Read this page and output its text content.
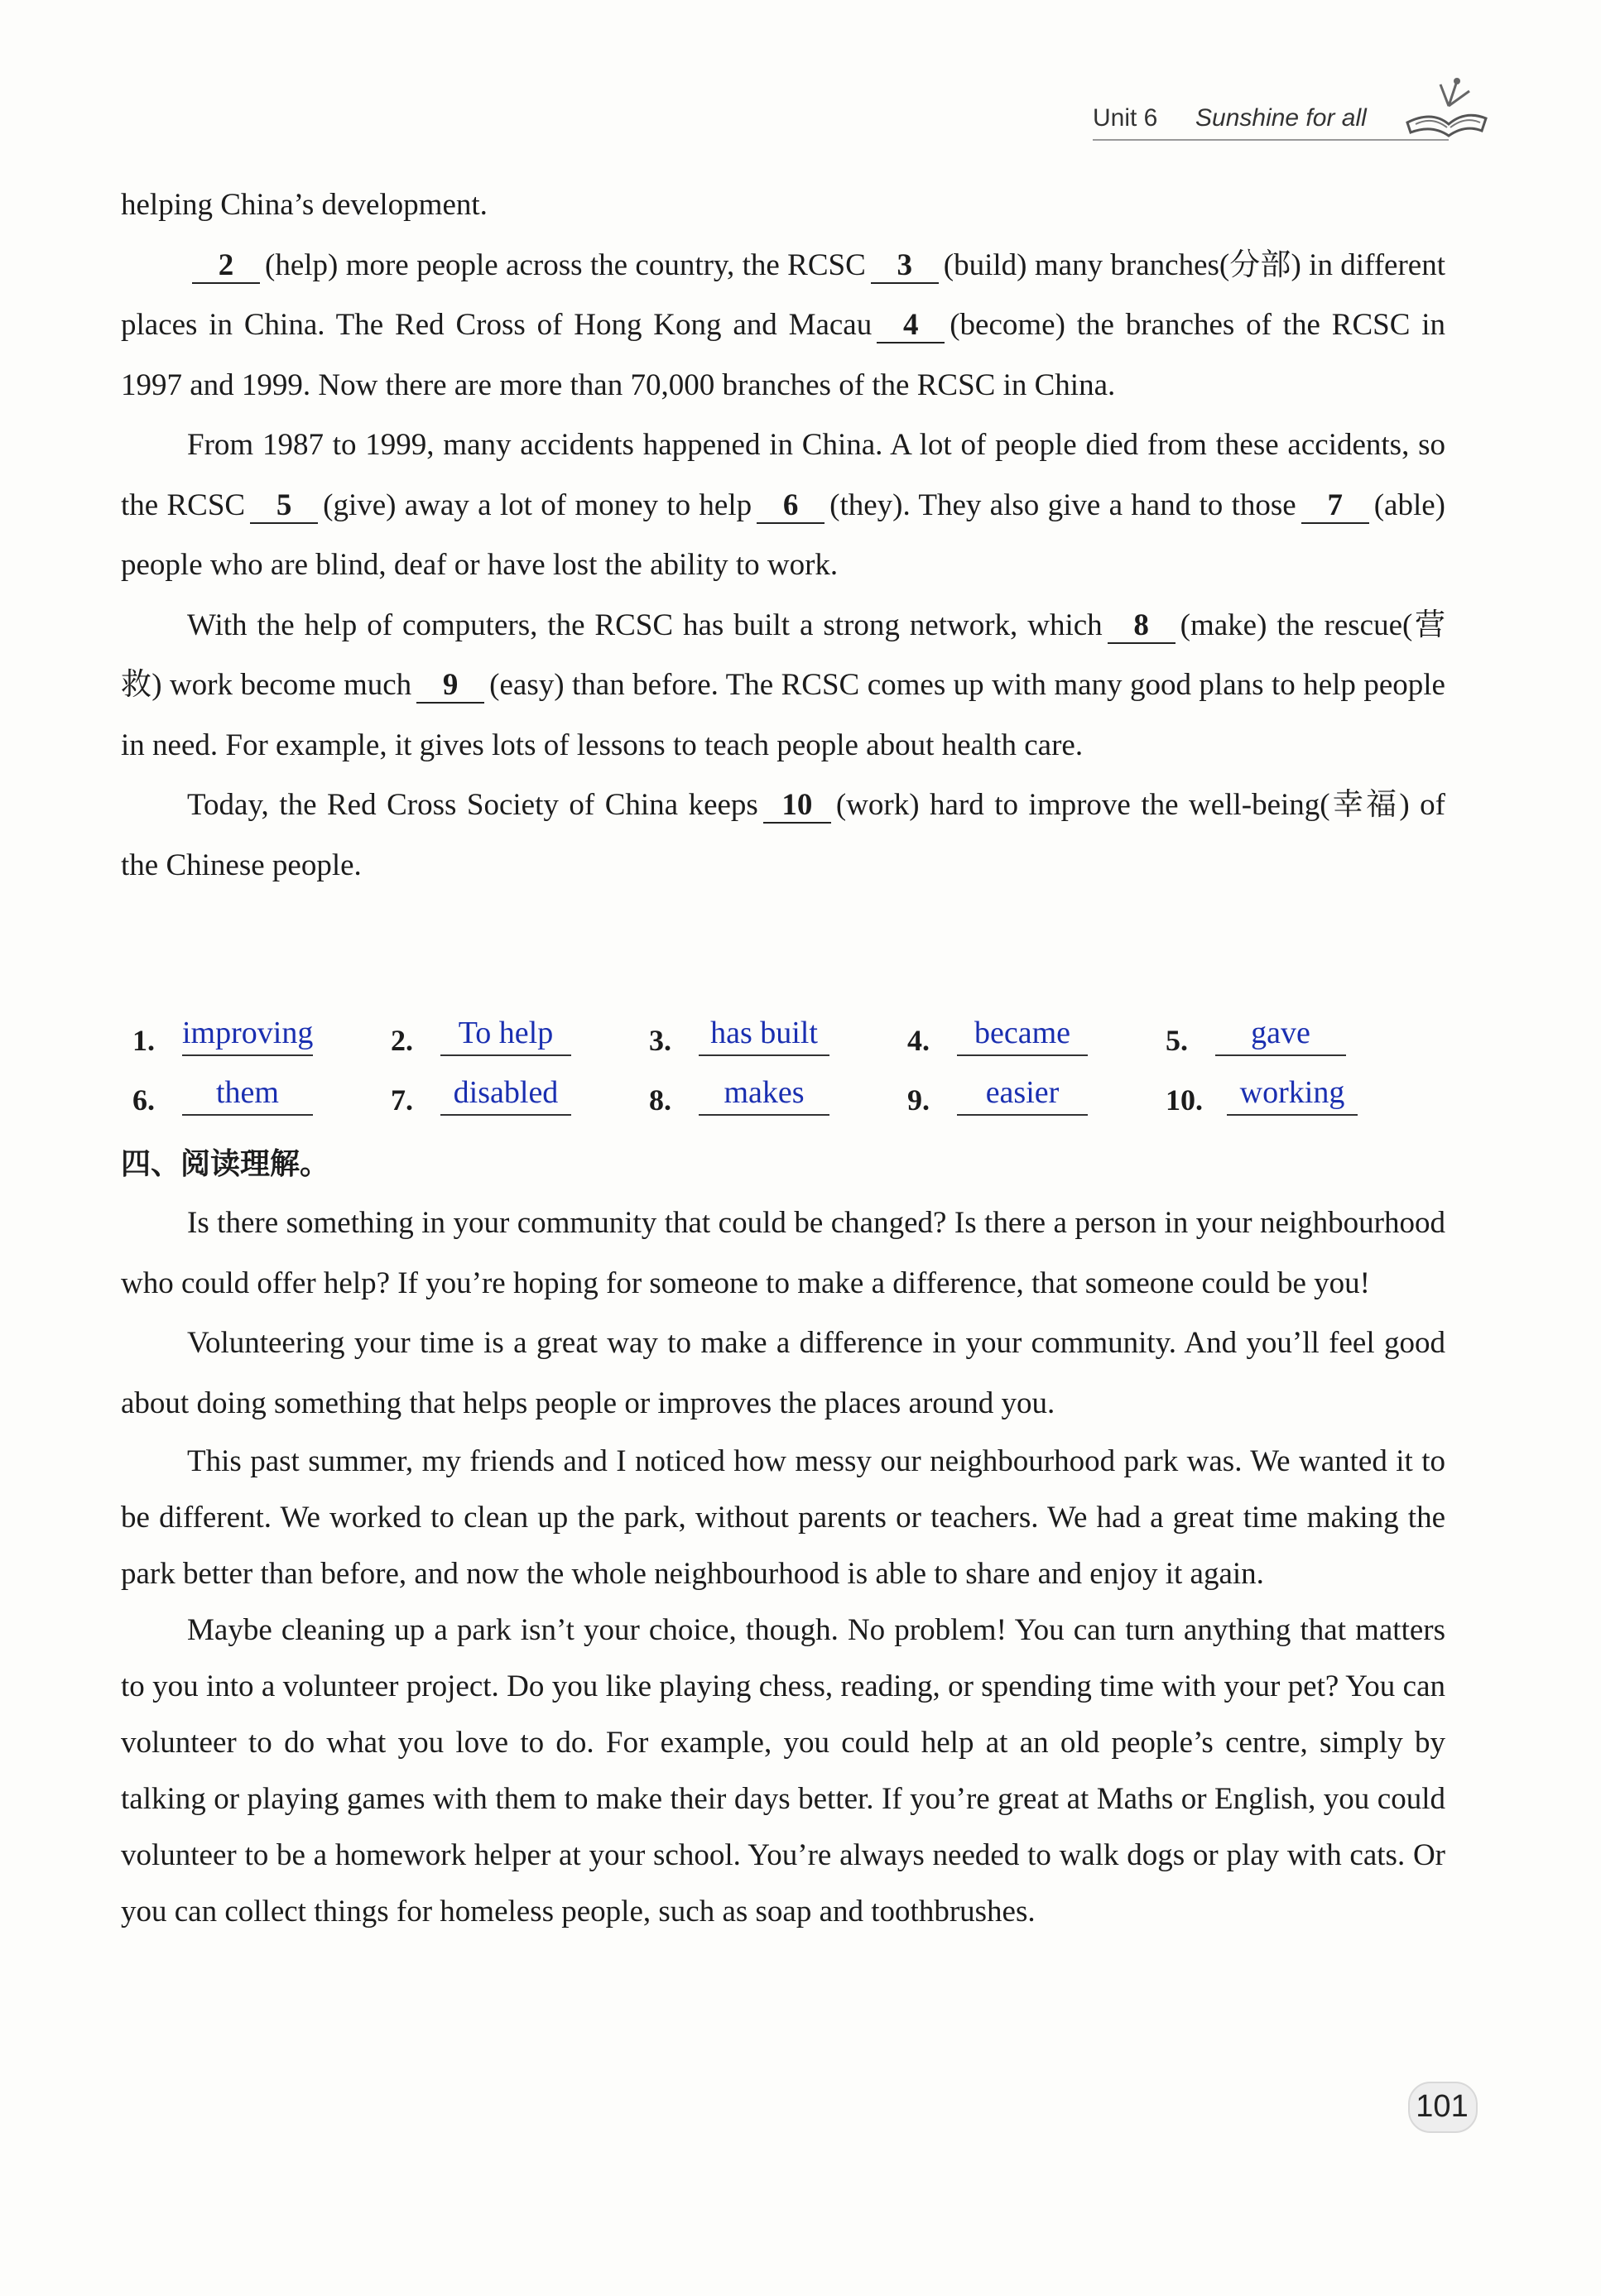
Unit 6 Sunshine for all

helping China’s development.

2 (help) more people across the country, the RCSC 3 (build) many branches(分部) in different places in China. The Red Cross of Hong Kong and Macau 4 (become) the branches of the RCSC in 1997 and 1999. Now there are more than 70,000 branches of the RCSC in China.

From 1987 to 1999, many accidents happened in China. A lot of people died from these accidents, so the RCSC 5 (give) away a lot of money to help 6 (they). They also give a hand to those 7 (able) people who are blind, deaf or have lost the ability to work.

With the help of computers, the RCSC has built a strong network, which 8 (make) the rescue(营救) work become much 9 (easy) than before. The RCSC comes up with many good plans to help people in need. For example, it gives lots of lessons to teach people about health care.

Today, the Red Cross Society of China keeps 10 (work) hard to improve the well-being(幸福) of the Chinese people.

1. improving	2.	To help	3.	has built	4.	became	5.	gave
6.	them	7.	disabled	8.	makes	9.	easier	10.	working
四、阅读理解。

Is there something in your community that could be changed? Is there a person in your neighbourhood who could offer help? If you’re hoping for someone to make a difference, that someone could be you!

Volunteering your time is a great way to make a difference in your community. And you’ll feel good about doing something that helps people or improves the places around you.

This past summer, my friends and I noticed how messy our neighbourhood park was. We wanted it to be different. We worked to clean up the park, without parents or teachers. We had a great time making the park better than before, and now the whole neighbourhood is able to share and enjoy it again.

Maybe cleaning up a park isn’t your choice, though. No problem! You can turn anything that matters to you into a volunteer project. Do you like playing chess, reading, or spending time with your pet? You can volunteer to do what you love to do. For example, you could help at an old people’s centre, simply by talking or playing games with them to make their days better. If you’re great at Maths or English, you could volunteer to be a homework helper at your school. You’re always needed to walk dogs or play with cats. Or you can collect things for homeless people, such as soap and toothbrushes.

101
